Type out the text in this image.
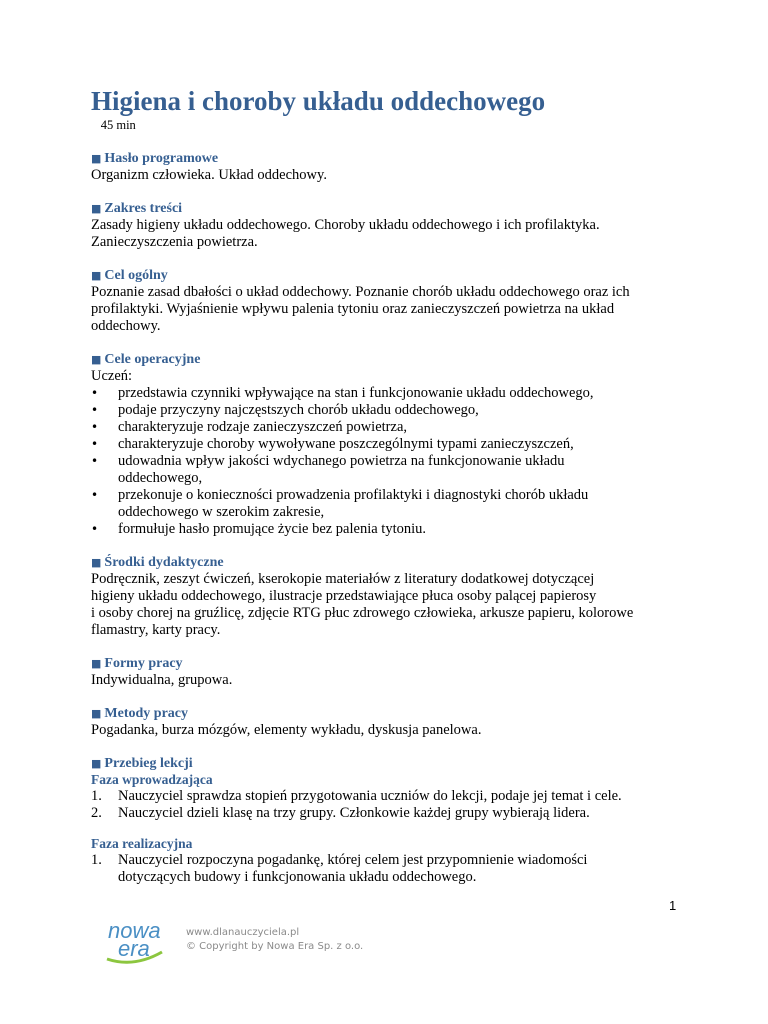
Higiena i choroby układu oddechowego

45 min

■ Hasło programowe

Organizm człowieka. Układ oddechowy.

■ Zakres treści

Zasady higieny układu oddechowego. Choroby układu oddechowego i ich profilaktyka.

Zanieczyszczenia powietrza.

■ Cel ogólny

Poznanie zasad dbałości o układ oddechowy. Poznanie chorób układu oddechowego oraz ich

profilaktyki. Wyjaśnienie wpływu palenia tytoniu oraz zanieczyszczeń powietrza na układ

oddechowy.

■ Cele operacyjne

Uczeń:

• przedstawia czynniki wpływające na stan i funkcjonowanie układu oddechowego,
• podaje przyczyny najczęstszych chorób układu oddechowego,
• charakteryzuje rodzaje zanieczyszczeń powietrza,
• charakteryzuje choroby wywoływane poszczególnymi typami zanieczyszczeń,
• udowadnia wpływ jakości wdychanego powietrza na funkcjonowanie układu
oddechowego,
• przekonuje o konieczności prowadzenia profilaktyki i diagnostyki chorób układu
oddechowego w szerokim zakresie,
• formułuje hasło promujące życie bez palenia tytoniu.

■ Środki dydaktyczne

Podręcznik, zeszyt ćwiczeń, kserokopie materiałów z literatury dodatkowej dotyczącej

higieny układu oddechowego, ilustracje przedstawiające płuca osoby palącej papierosy

i osoby chorej na gruźlicę, zdjęcie RTG płuc zdrowego człowieka, arkusze papieru, kolorowe

flamastry, karty pracy.

■ Formy pracy

Indywidualna, grupowa.

■ Metody pracy

Pogadanka, burza mózgów, elementy wykładu, dyskusja panelowa.

■ Przebieg lekcji

Faza wprowadzająca

1. Nauczyciel sprawdza stopień przygotowania uczniów do lekcji, podaje jej temat i cele.
2. Nauczyciel dzieli klasę na trzy grupy. Członkowie każdej grupy wybierają lidera.

Faza realizacyjna

1. Nauczyciel rozpoczyna pogadankę, której celem jest przypomnienie wiadomości
dotyczących budowy i funkcjonowania układu oddechowego.
1
nowa
era
www.dlanauczyciela.pl
© Copyright by Nowa Era Sp. z o.o.
